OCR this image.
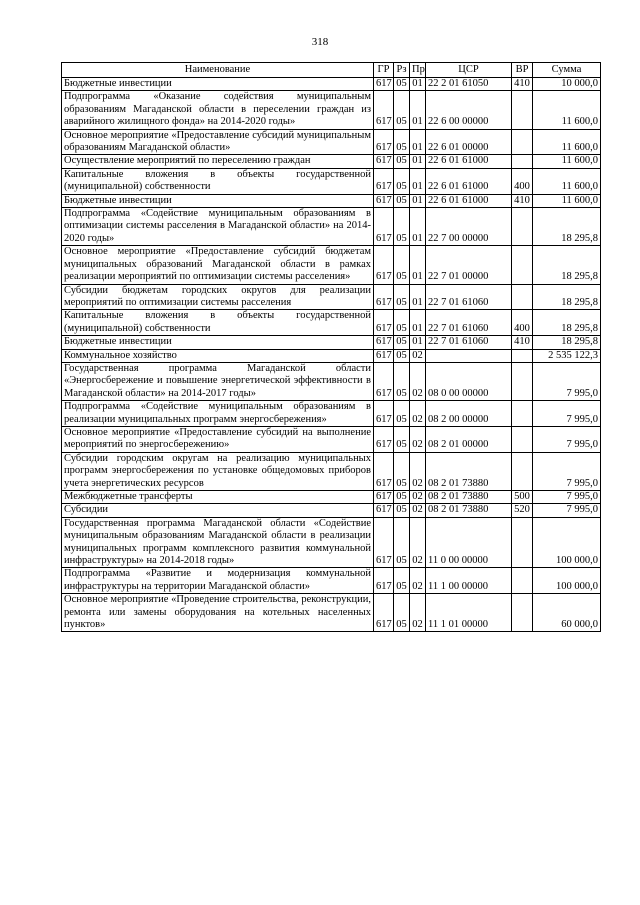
318
Наименование	ГР	Рз	Пр	ЦСР	ВР	Сумма
Бюджетные инвестиции	617	05	01	22 2 01 61050	410	10 000,0
Подпрограмма «Оказание содействия муниципальным образованиям Магаданской области в переселении граждан из аварийного жилищного фонда» на 2014-2020 годы»	617	05	01	22 6 00 00000		11 600,0
Основное мероприятие «Предоставление субсидий муниципальным образованиям Магаданской области»	617	05	01	22 6 01 00000		11 600,0
Осуществление мероприятий по переселению граждан	617	05	01	22 6 01 61000		11 600,0
Капитальные вложения в объекты государственной (муниципальной) собственности	617	05	01	22 6 01 61000	400	11 600,0
Бюджетные инвестиции	617	05	01	22 6 01 61000	410	11 600,0
Подпрограмма «Содействие муниципальным образованиям в оптимизации системы расселения в Магаданской области» на 2014-2020 годы»	617	05	01	22 7 00 00000		18 295,8
Основное мероприятие «Предоставление субсидий бюджетам муниципальных образований Магаданской области в рамках реализации мероприятий по оптимизации системы расселения»	617	05	01	22 7 01 00000		18 295,8
Субсидии бюджетам городских округов для реализации мероприятий по оптимизации системы расселения	617	05	01	22 7 01 61060		18 295,8
Капитальные вложения в объекты государственной (муниципальной) собственности	617	05	01	22 7 01 61060	400	18 295,8
Бюджетные инвестиции	617	05	01	22 7 01 61060	410	18 295,8
Коммунальное хозяйство	617	05	02			2 535 122,3
Государственная программа Магаданской области «Энергосбережение и повышение энергетической эффективности в Магаданской области» на 2014-2017 годы»	617	05	02	08 0 00 00000		7 995,0
Подпрограмма «Содействие муниципальным образованиям в реализации муниципальных программ энергосбережения»	617	05	02	08 2 00 00000		7 995,0
Основное мероприятие «Предоставление субсидий на выполнение мероприятий по энергосбережению»	617	05	02	08 2 01 00000		7 995,0
Субсидии городским округам на реализацию муниципальных программ энергосбережения по установке общедомовых приборов учета энергетических ресурсов	617	05	02	08 2 01 73880		7 995,0
Межбюджетные трансферты	617	05	02	08 2 01 73880	500	7 995,0
Субсидии	617	05	02	08 2 01 73880	520	7 995,0
Государственная программа Магаданской области «Содействие муниципальным образованиям Магаданской области в реализации муниципальных программ комплексного развития коммунальной инфраструктуры» на 2014-2018 годы»	617	05	02	11 0 00 00000		100 000,0
Подпрограмма «Развитие и модернизация коммунальной инфраструктуры на территории Магаданской области»	617	05	02	11 1 00 00000		100 000,0
Основное мероприятие «Проведение строительства, реконструкции, ремонта или замены оборудования на котельных населенных пунктов»	617	05	02	11 1 01 00000		60 000,0
